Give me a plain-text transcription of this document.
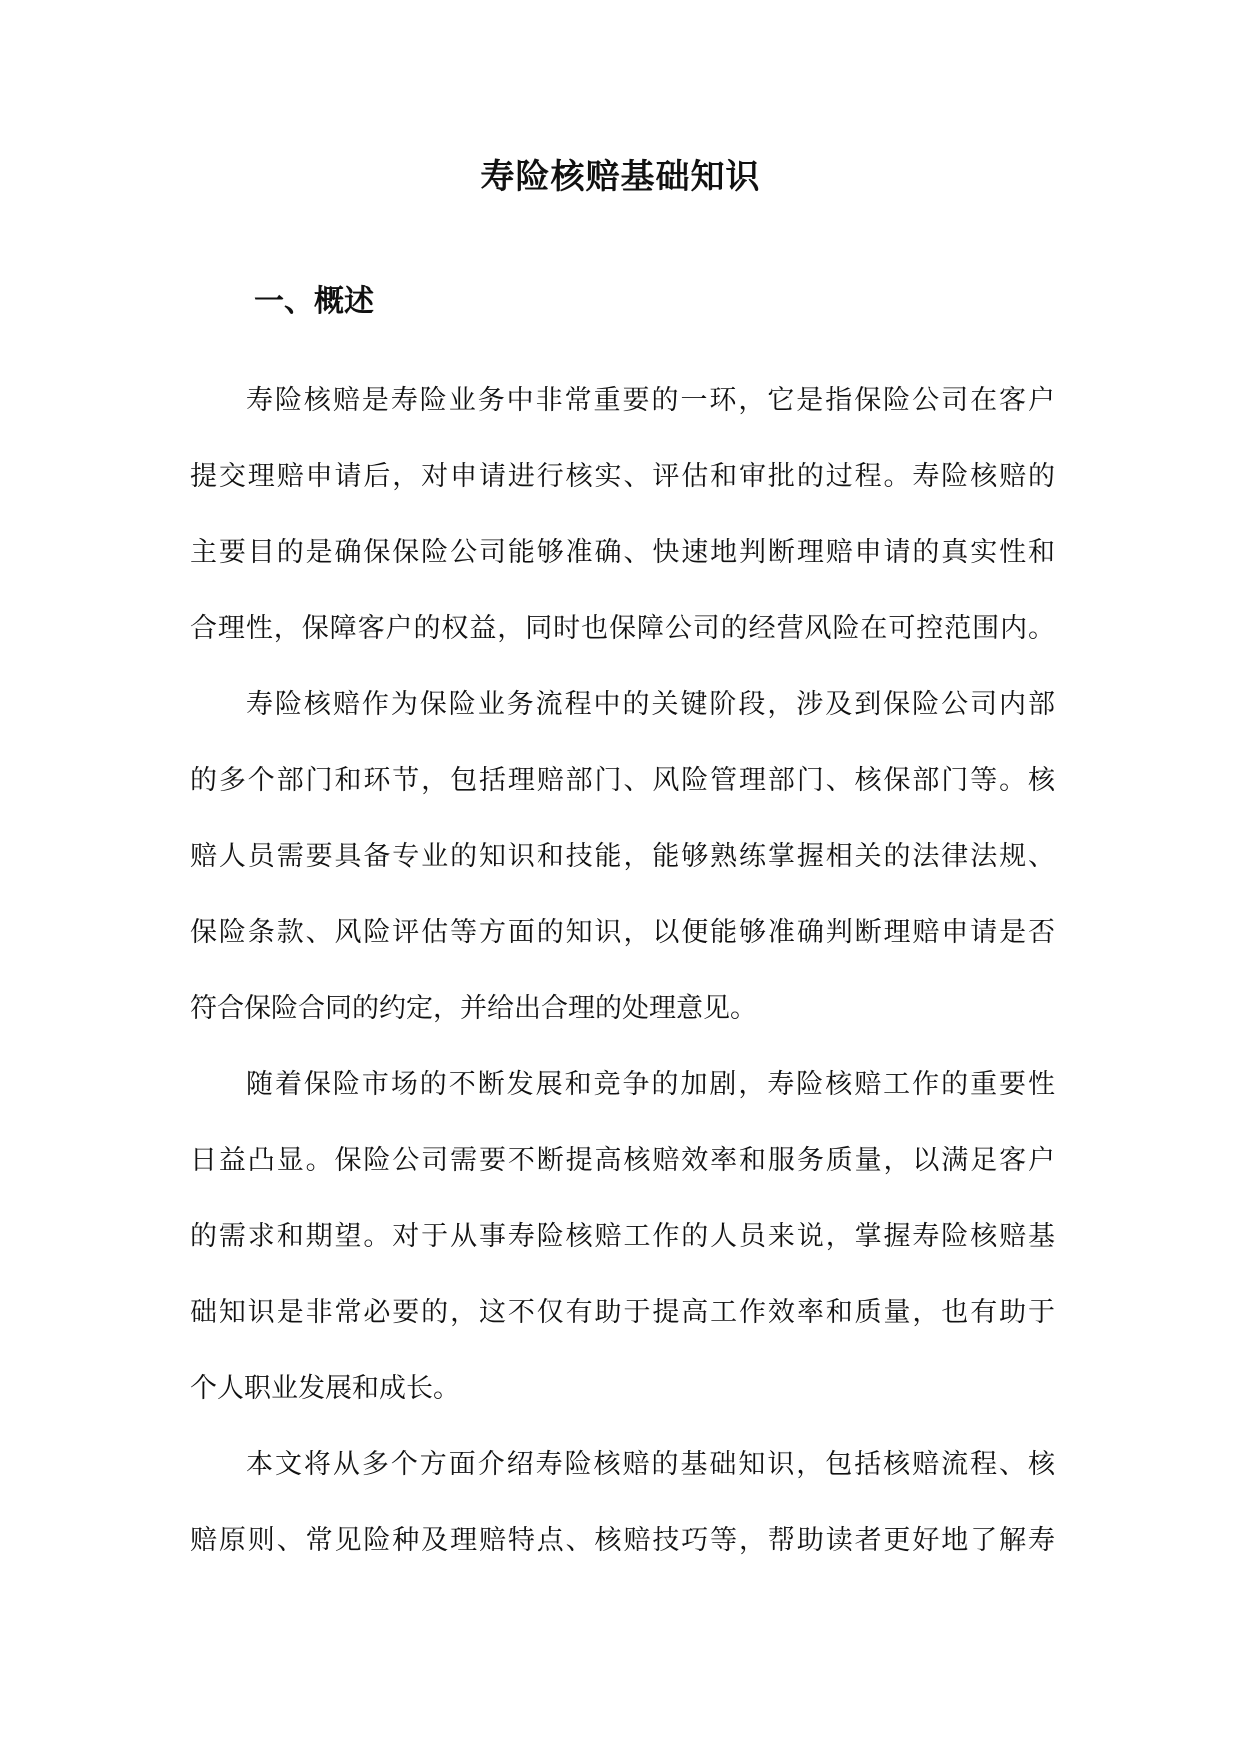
寿险核赔基础知识
一、概述
寿险核赔是寿险业务中非常重要的一环，它是指保险公司在客户
提交理赔申请后，对申请进行核实、评估和审批的过程。寿险核赔的
主要目的是确保保险公司能够准确、快速地判断理赔申请的真实性和
合理性，保障客户的权益，同时也保障公司的经营风险在可控范围内。
寿险核赔作为保险业务流程中的关键阶段，涉及到保险公司内部
的多个部门和环节，包括理赔部门、风险管理部门、核保部门等。核
赔人员需要具备专业的知识和技能，能够熟练掌握相关的法律法规、
保险条款、风险评估等方面的知识，以便能够准确判断理赔申请是否
符合保险合同的约定，并给出合理的处理意见。
随着保险市场的不断发展和竞争的加剧，寿险核赔工作的重要性
日益凸显。保险公司需要不断提高核赔效率和服务质量，以满足客户
的需求和期望。对于从事寿险核赔工作的人员来说，掌握寿险核赔基
础知识是非常必要的，这不仅有助于提高工作效率和质量，也有助于
个人职业发展和成长。
本文将从多个方面介绍寿险核赔的基础知识，包括核赔流程、核
赔原则、常见险种及理赔特点、核赔技巧等，帮助读者更好地了解寿
